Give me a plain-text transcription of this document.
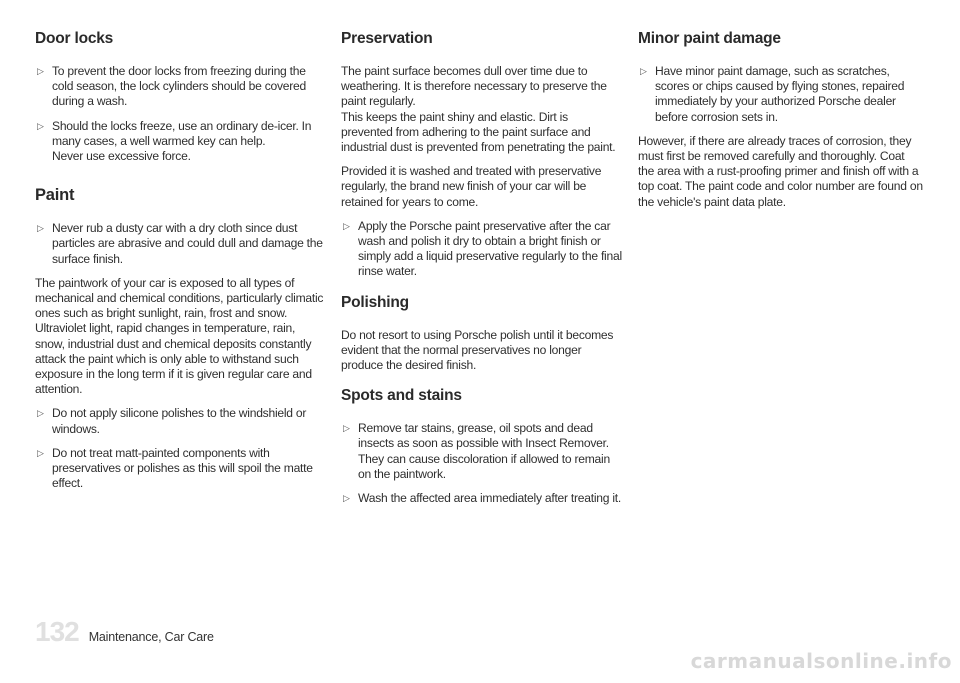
Door locks
▷ To prevent the door locks from freezing during the cold season, the lock cylinders should be covered during a wash.
▷ Should the locks freeze, use an ordinary de-icer. In many cases, a well warmed key can help.
Never use excessive force.
Paint
▷ Never rub a dusty car with a dry cloth since dust particles are abrasive and could dull and damage the surface finish.

The paintwork of your car is exposed to all types of mechanical and chemical conditions, particularly climatic ones such as bright sunlight, rain, frost and snow. Ultraviolet light, rapid changes in temperature, rain, snow, industrial dust and chemical deposits constantly attack the paint which is only able to withstand such exposure in the long term if it is given regular care and attention.

▷ Do not apply silicone polishes to the windshield or windows.
▷ Do not treat matt-painted components with preservatives or polishes as this will spoil the matte effect.
Preservation

The paint surface becomes dull over time due to weathering. It is therefore necessary to preserve the paint regularly.

This keeps the paint shiny and elastic. Dirt is prevented from adhering to the paint surface and industrial dust is prevented from penetrating the paint.

Provided it is washed and treated with preservative regularly, the brand new finish of your car will be retained for years to come.

▷ Apply the Porsche paint preservative after the car wash and polish it dry to obtain a bright finish or simply add a liquid preservative regularly to the final rinse water.
Polishing

Do not resort to using Porsche polish until it becomes evident that the normal preservatives no longer produce the desired finish.

Spots and stains
▷ Remove tar stains, grease, oil spots and dead insects as soon as possible with Insect Remover. They can cause discoloration if allowed to remain on the paintwork.
▷ Wash the affected area immediately after treating it.
Minor paint damage
▷ Have minor paint damage, such as scratches, scores or chips caused by flying stones, repaired immediately by your authorized Porsche dealer before corrosion sets in.

However, if there are already traces of corrosion, they must first be removed carefully and thoroughly. Coat the area with a rust-proofing primer and finish off with a top coat. The paint code and color number are found on the vehicle's paint data plate.

132 Maintenance, Car Care
carmanualsonline.info
